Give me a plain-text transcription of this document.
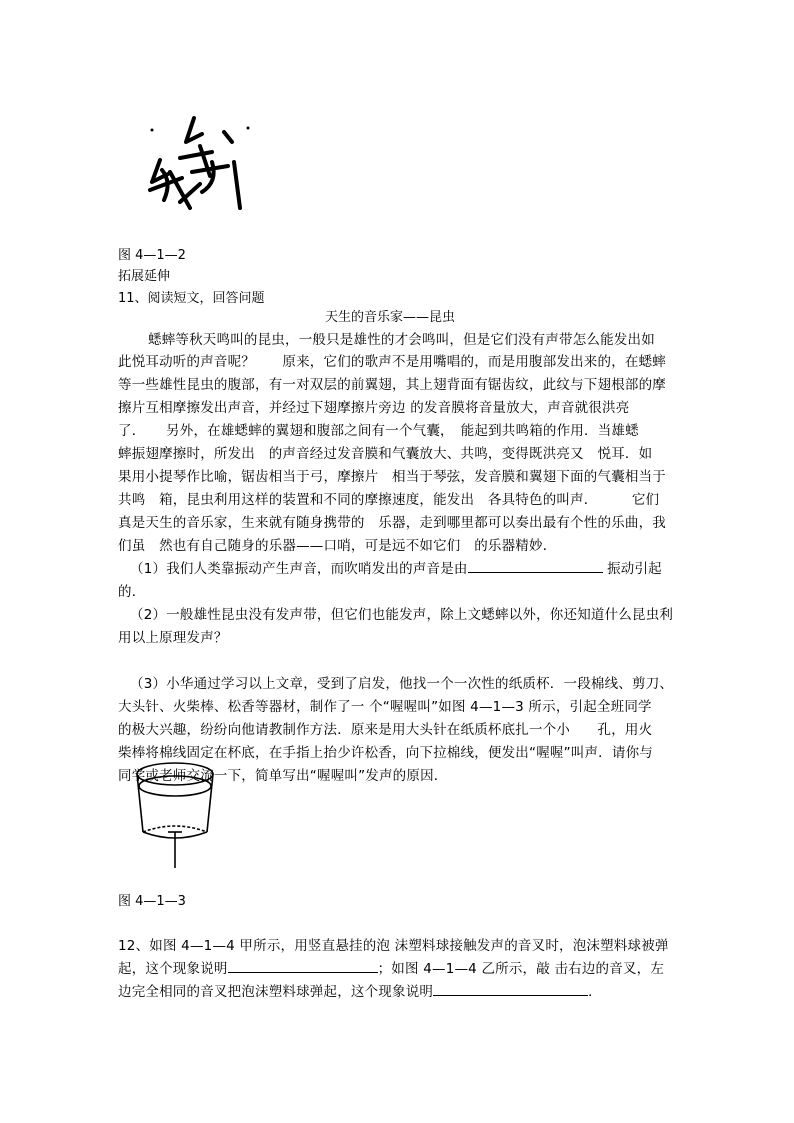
图 4—1—2
拓展延伸
11、阅读短文，回答问题
天生的音乐家——昆虫
蟋蟀等秋天鸣叫的昆虫，一般只是雄性的才会鸣叫，但是它们没有声带怎么能发出如
此悦耳动听的声音呢？　　原来，它们的歌声不是用嘴唱的，而是用腹部发出来的，在蟋蟀
等一些雄性昆虫的腹部，有一对双层的前翼翅，其上翅背面有锯齿纹，此纹与下翅根部的摩
擦片互相摩擦发出声音，并经过下翅摩擦片旁边 的发音膜将音量放大，声音就很洪亮
了．　　另外，在雄蟋蟀的翼翅和腹部之间有一个气囊，　能起到共鸣箱的作用．当雄蟋
蟀振翅摩擦时，所发出　的声音经过发音膜和气囊放大、共鸣，变得既洪亮又　悦耳．如
果用小提琴作比喻，锯齿相当于弓，摩擦片　相当于琴弦，发音膜和翼翅下面的气囊相当于
共鸣　箱，昆虫利用这样的装置和不同的摩擦速度，能发出　各具特色的叫声．　　　它们
真是天生的音乐家，生来就有随身携带的　乐器，走到哪里都可以奏出最有个性的乐曲，我
们虽　然也有自己随身的乐器——口哨，可是远不如它们　的乐器精妙．
（1）我们人类靠振动产生声音，而吹哨发出的声音是由	振动引起
的．
（2）一般雄性昆虫没有发声带，但它们也能发声，除上文蟋蟀以外，你还知道什么昆虫利
用以上原理发声？
（3）小华通过学习以上文章，受到了启发，他找一个一次性的纸质杯．一段棉线、剪刀、
大头针、火柴棒、松香等器材，制作了一 个“喔喔叫”如图 4—1—3 所示，引起全班同学
的极大兴趣，纷纷向他请教制作方法．原来是用大头针在纸质杯底扎一个小　　孔，用火
柴棒将棉线固定在杯底，在手指上抬少许松香，向下拉棉线，便发出“喔喔”叫声．请你与
同学或老师交流一下，简单写出“喔喔叫”发声的原因．
图 4—1—3
12、如图 4—1—4 甲所示，用竖直悬挂的泡 沫塑料球接触发声的音叉时，泡沫塑料球被弹
起，这个现象说明	；如图 4—1—4 乙所示，敲 击右边的音叉，左
边完全相同的音叉把泡沫塑料球弹起，这个现象说明	．
